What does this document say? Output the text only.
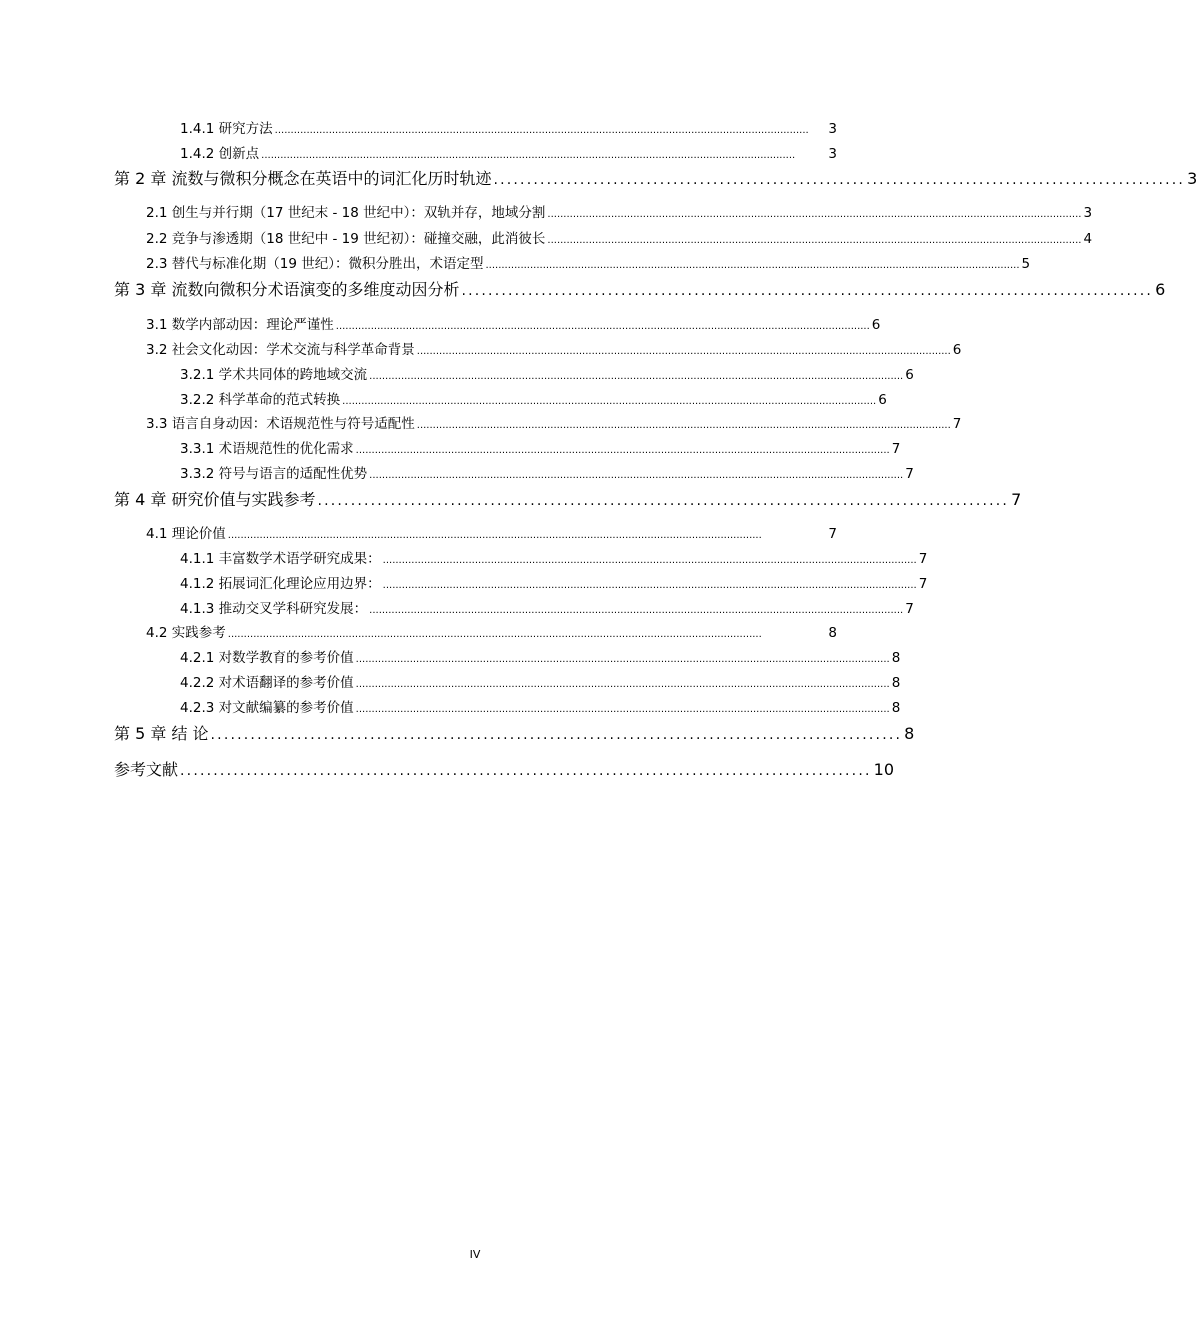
1.4.1 研究方法 ........................................................................................................................................................................	3
1.4.2 创新点 ........................................................................................................................................................................	3
第 2 章 流数与微积分概念在英语中的词汇化历时轨迹 ........................................................................................................ 3
2.1 创生与并行期（17 世纪末 - 18 世纪中）：双轨并存，地域分割 ........................................................................................................................................................................ 3
2.2 竞争与渗透期（18 世纪中 - 19 世纪初）：碰撞交融，此消彼长 ........................................................................................................................................................................ 4
2.3 替代与标准化期（19 世纪）：微积分胜出，术语定型 ........................................................................................................................................................................ 5
第 3 章 流数向微积分术语演变的多维度动因分析 ........................................................................................................ 6
3.1 数学内部动因：理论严谨性 ........................................................................................................................................................................ 6
3.2 社会文化动因：学术交流与科学革命背景 ........................................................................................................................................................................ 6
3.2.1 学术共同体的跨地域交流 ........................................................................................................................................................................ 6
3.2.2 科学革命的范式转换 ........................................................................................................................................................................ 6
3.3 语言自身动因：术语规范性与符号适配性 ........................................................................................................................................................................ 7
3.3.1 术语规范性的优化需求 ........................................................................................................................................................................ 7
3.3.2 符号与语言的适配性优势 ........................................................................................................................................................................ 7
第 4 章 研究价值与实践参考 ........................................................................................................ 7
4.1 理论价值 ........................................................................................................................................................................	7
4.1.1 丰富数学术语学研究成果： ........................................................................................................................................................................ 7
4.1.2 拓展词汇化理论应用边界： ........................................................................................................................................................................ 7
4.1.3 推动交叉学科研究发展： ........................................................................................................................................................................ 7
4.2 实践参考 ........................................................................................................................................................................	8
4.2.1 对数学教育的参考价值 ........................................................................................................................................................................ 8
4.2.2 对术语翻译的参考价值 ........................................................................................................................................................................ 8
4.2.3 对文献编纂的参考价值 ........................................................................................................................................................................ 8
第 5 章 结 论 ........................................................................................................ 8
参考文献 ........................................................................................................ 10
IV
